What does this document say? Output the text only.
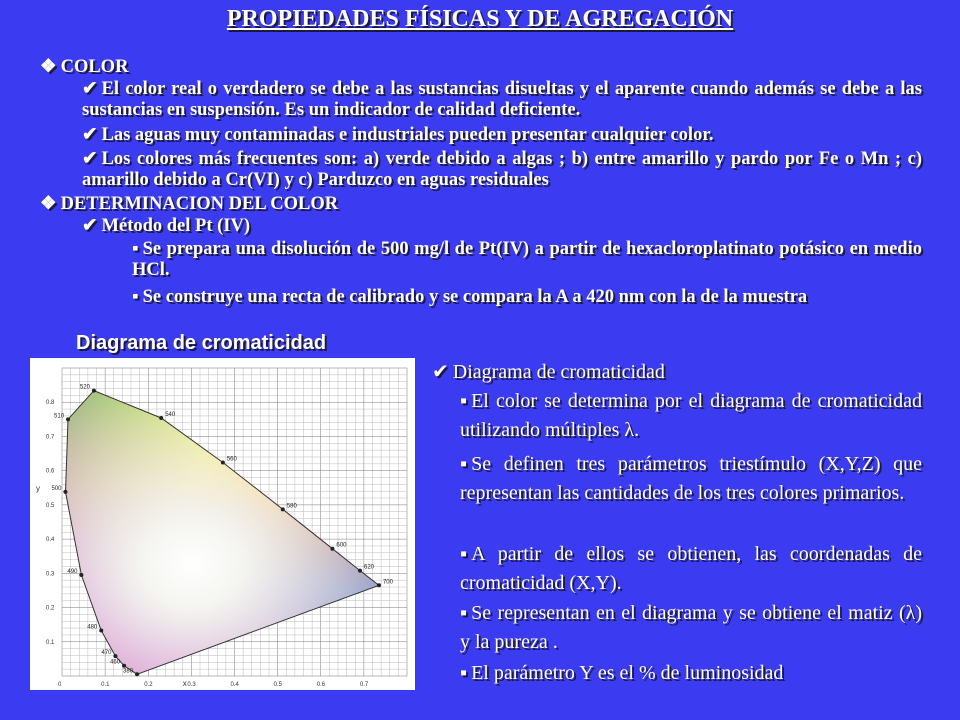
PROPIEDADES FÍSICAS Y DE AGREGACIÓN
❖ COLOR
✔ El color real o verdadero se debe a las sustancias disueltas y el aparente cuando además se debe a las sustancias en suspensión. Es un indicador de calidad deficiente.
✔ Las aguas muy contaminadas e industriales pueden presentar cualquier color.
✔ Los colores más frecuentes son: a) verde debido a algas ; b) entre amarillo y pardo por Fe o Mn ; c) amarillo debido a Cr(VI) y c) Parduzco en aguas residuales
❖ DETERMINACION DEL COLOR
✔ Método del Pt (IV)
▪ Se prepara una disolución de 500 mg/l de Pt(IV) a partir de hexacloroplatinato potásico en medio HCl.
▪ Se construye una recta de calibrado y se compara la A a 420 nm con la de la muestra
Diagrama de cromaticidad
380
460
470
480
490
500
510
520
540
560
580
600
620
700
0	0.1	0.2	0.3	0.4	0.5	0.6	0.7
0.1
0.2
0.3
0.4
0.5
0.6
0.7
0.8
x
y
✔ Diagrama de cromaticidad
▪ El color se determina por el diagrama de cromaticidad utilizando múltiples λ.
▪ Se definen tres parámetros triestímulo (X,Y,Z) que representan las cantidades de los tres colores primarios.
▪ A partir de ellos se obtienen, las coordenadas de cromaticidad (X,Y).
▪ Se representan en el diagrama y se obtiene el matiz (λ) y la pureza .
▪ El parámetro Y es el % de luminosidad
